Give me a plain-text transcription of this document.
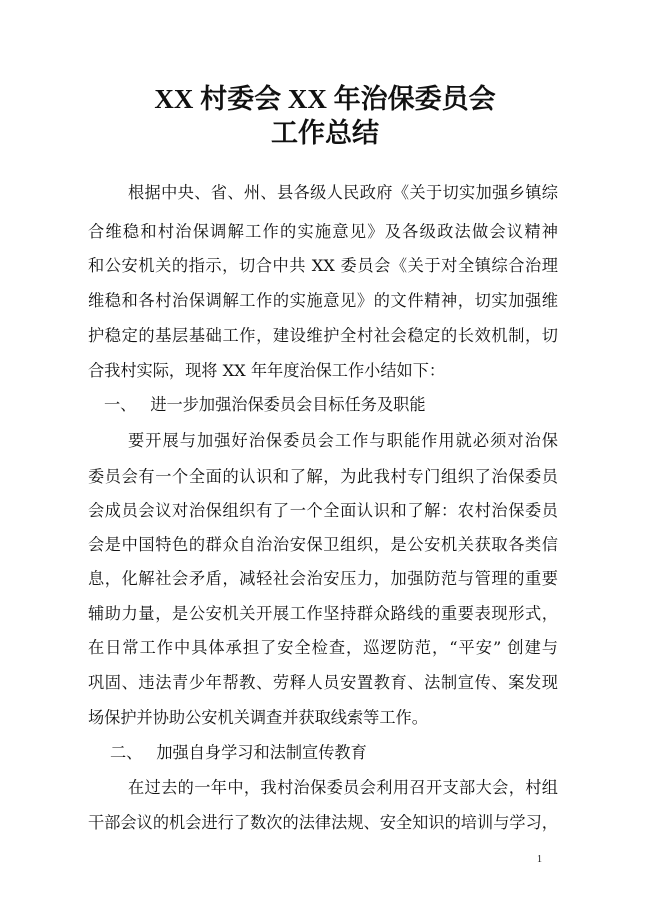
XX 村委会 XX 年治保委员会
工作总结

根据中央、省、州、县各级人民政府《关于切实加强乡镇综

合维稳和村治保调解工作的实施意见》及各级政法做会议精神

和公安机关的指示，切合中共 XX 委员会《关于对全镇综合治理

维稳和各村治保调解工作的实施意见》的文件精神，切实加强维

护稳定的基层基础工作，建设维护全村社会稳定的长效机制，切

合我村实际，现将 XX 年年度治保工作小结如下：

一、 进一步加强治保委员会目标任务及职能

要开展与加强好治保委员会工作与职能作用就必须对治保

委员会有一个全面的认识和了解，为此我村专门组织了治保委员

会成员会议对治保组织有了一个全面认识和了解：农村治保委员

会是中国特色的群众自治治安保卫组织，是公安机关获取各类信

息，化解社会矛盾，减轻社会治安压力，加强防范与管理的重要

辅助力量，是公安机关开展工作坚持群众路线的重要表现形式，

在日常工作中具体承担了安全检查，巡逻防范，“平安” 创建与

巩固、违法青少年帮教、劳释人员安置教育、法制宣传、案发现

场保护并协助公安机关调查并获取线索等工作。

二、 加强自身学习和法制宣传教育

在过去的一年中，我村治保委员会利用召开支部大会，村组

干部会议的机会进行了数次的法律法规、安全知识的培训与学习，

1
